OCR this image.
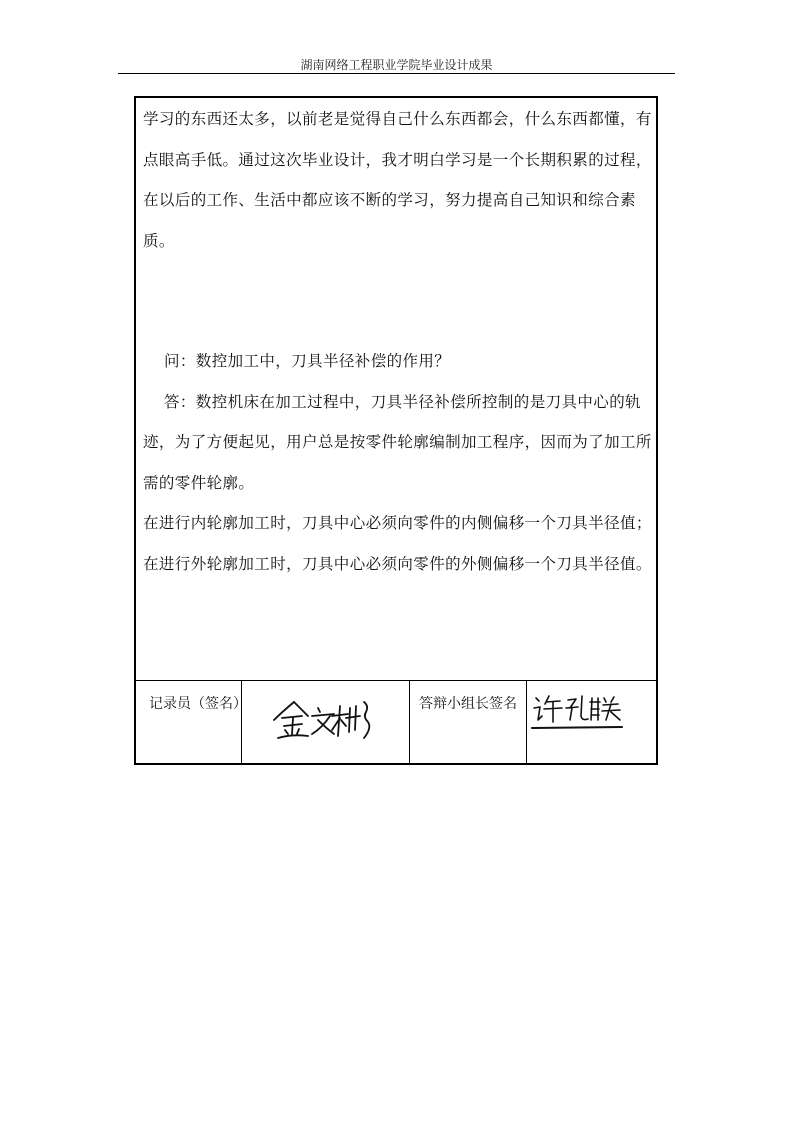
湖南网络工程职业学院毕业设计成果

学习的东西还太多，以前老是觉得自己什么东西都会，什么东西都懂，有点眼高手低。通过这次毕业设计，我才明白学习是一个长期积累的过程，在以后的工作、生活中都应该不断的学习，努力提高自己知识和综合素质。

问：数控加工中，刀具半径补偿的作用？

答：数控机床在加工过程中，刀具半径补偿所控制的是刀具中心的轨迹，为了方便起见，用户总是按零件轮廓编制加工程序，因而为了加工所需的零件轮廓。

在进行内轮廓加工时，刀具中心必须向零件的内侧偏移一个刀具半径值；在进行外轮廓加工时，刀具中心必须向零件的外侧偏移一个刀具半径值。

记录员（签名）	答辩小组长签名
